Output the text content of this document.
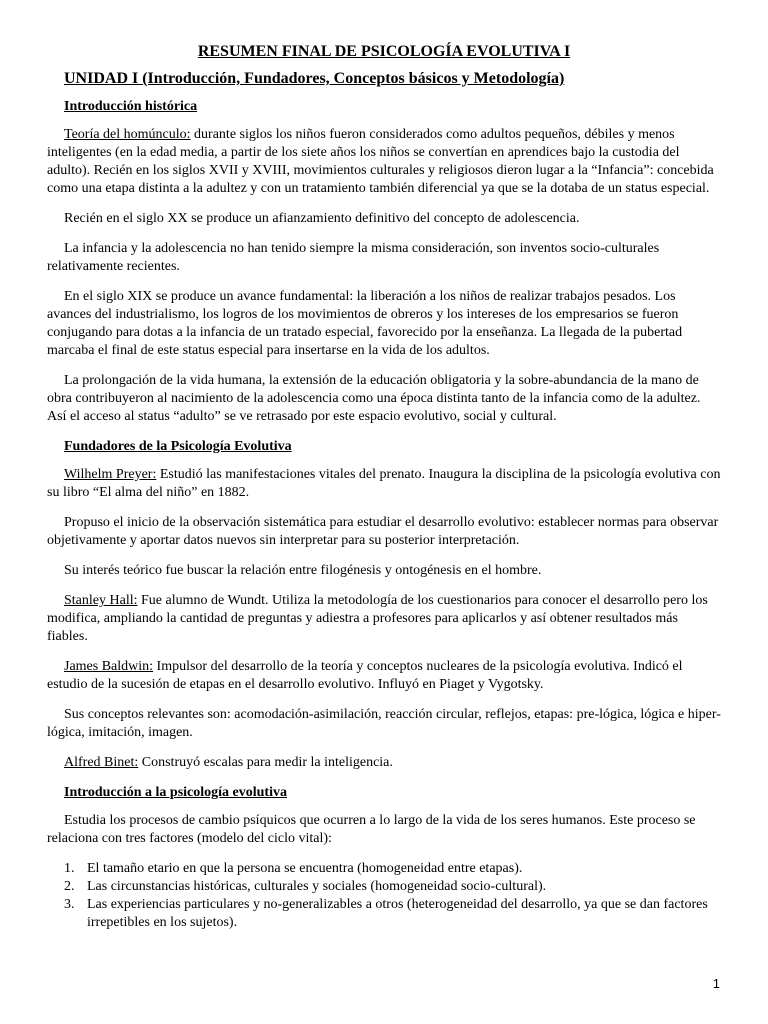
RESUMEN FINAL DE PSICOLOGÍA EVOLUTIVA I
UNIDAD I (Introducción, Fundadores, Conceptos básicos y Metodología)
Introducción histórica

Teoría del homúnculo: durante siglos los niños fueron considerados como adultos pequeños, débiles y menos inteligentes (en la edad media, a partir de los siete años los niños se convertían en aprendices bajo la custodia del adulto). Recién en los siglos XVII y XVIII, movimientos culturales y religiosos dieron lugar a la “Infancia”: concebida como una etapa distinta a la adultez y con un tratamiento también diferencial ya que se la dotaba de un status especial.

Recién en el siglo XX se produce un afianzamiento definitivo del concepto de adolescencia.

La infancia y la adolescencia no han tenido siempre la misma consideración, son inventos socio-culturales relativamente recientes.

En el siglo XIX se produce un avance fundamental: la liberación a los niños de realizar trabajos pesados. Los avances del industrialismo, los logros de los movimientos de obreros y los intereses de los empresarios se fueron conjugando para dotas a la infancia de un tratado especial, favorecido por la enseñanza. La llegada de la pubertad marcaba el final de este status especial para insertarse en la vida de los adultos.

La prolongación de la vida humana, la extensión de la educación obligatoria y la sobre-abundancia de la mano de obra contribuyeron al nacimiento de la adolescencia como una época distinta tanto de la infancia como de la adultez. Así el acceso al status “adulto” se ve retrasado por este espacio evolutivo, social y cultural.

Fundadores de la Psicología Evolutiva

Wilhelm Preyer: Estudió las manifestaciones vitales del prenato. Inaugura la disciplina de la psicología evolutiva con su libro “El alma del niño” en 1882.

Propuso el inicio de la observación sistemática para estudiar el desarrollo evolutivo: establecer normas para observar objetivamente y aportar datos nuevos sin interpretar para su posterior interpretación.

Su interés teórico fue buscar la relación entre filogénesis y ontogénesis en el hombre.

Stanley Hall: Fue alumno de Wundt. Utiliza la metodología de los cuestionarios para conocer el desarrollo pero los modifica, ampliando la cantidad de preguntas y adiestra a profesores para aplicarlos y así obtener resultados más fiables.

James Baldwin: Impulsor del desarrollo de la teoría y conceptos nucleares de la psicología evolutiva. Indicó el estudio de la sucesión de etapas en el desarrollo evolutivo. Influyó en Piaget y Vygotsky.

Sus conceptos relevantes son: acomodación-asimilación, reacción circular, reflejos, etapas: pre-lógica, lógica e hiper-lógica, imitación, imagen.

Alfred Binet: Construyó escalas para medir la inteligencia.

Introducción a la psicología evolutiva

Estudia los procesos de cambio psíquicos que ocurren a lo largo de la vida de los seres humanos. Este proceso se relaciona con tres factores (modelo del ciclo vital):

1. El tamaño etario en que la persona se encuentra (homogeneidad entre etapas).
2. Las circunstancias históricas, culturales y sociales (homogeneidad socio-cultural).
3. Las experiencias particulares y no-generalizables a otros (heterogeneidad del desarrollo, ya que se dan factores irrepetibles en los sujetos).
1
